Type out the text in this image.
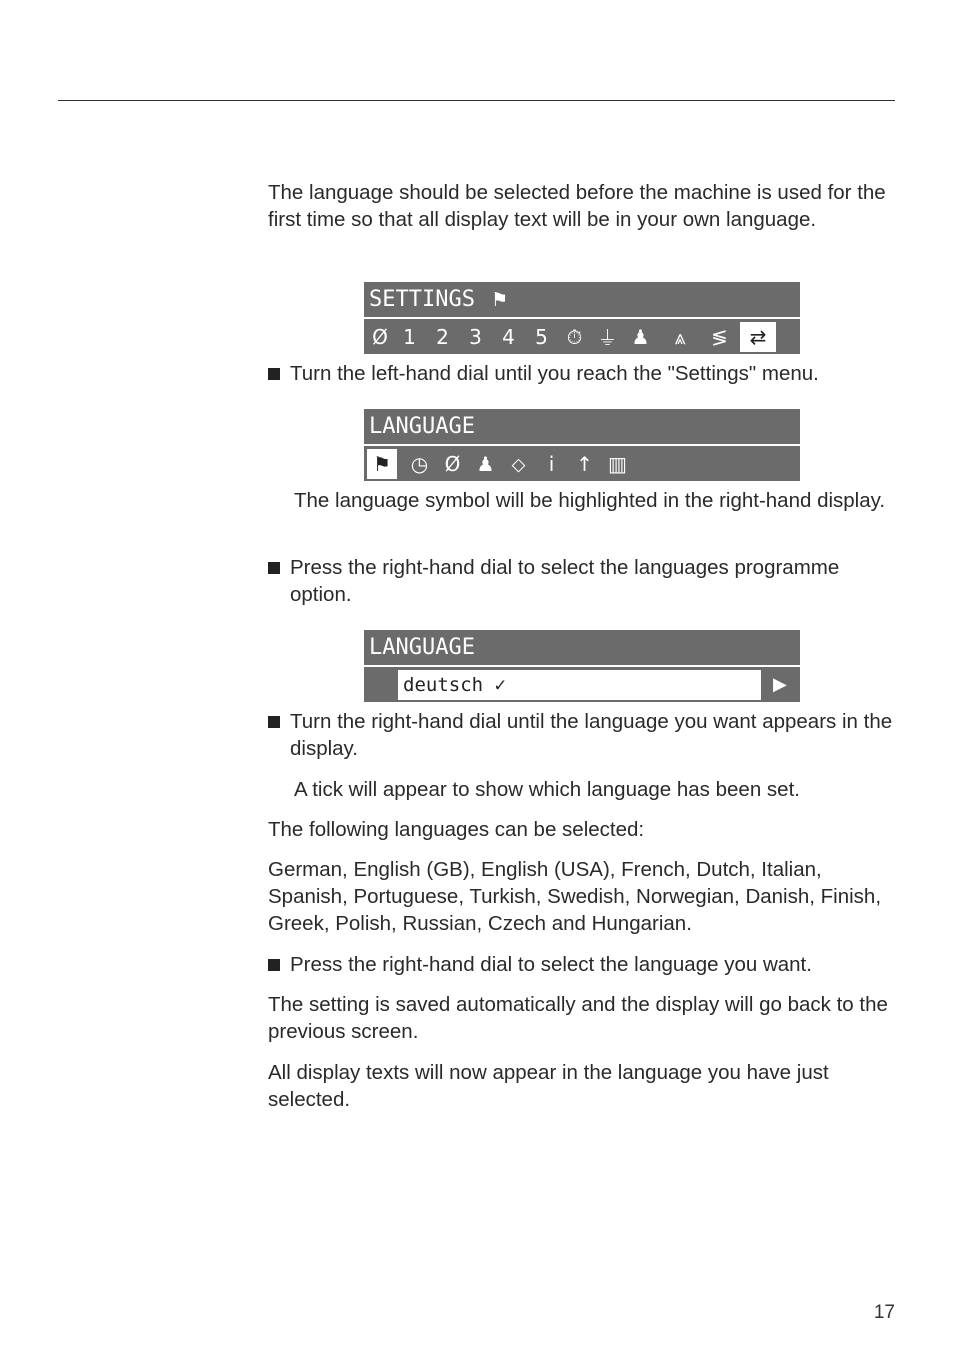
The language should be selected before the machine is used for the first time so that all display text will be in your own language.

SETTINGS ⚑
Ø 1	2	3	4	5 ⏱ ⏚ ♟	⩓	≶	⇄
Turn the left-hand dial until you reach the "Settings" menu.
LANGUAGE
⚑ ◷ Ø ♟ ⬦	i	↑ ▥

The language symbol will be highlighted in the right-hand display.

Press the right-hand dial to select the languages programme option.
LANGUAGE
deutsch ✓	▶
Turn the right-hand dial until the language you want appears in the display.

A tick will appear to show which language has been set.

The following languages can be selected:

German, English (GB), English (USA), French, Dutch, Italian, Spanish, Portuguese, Turkish, Swedish, Norwegian, Danish, Finish, Greek, Polish, Russian, Czech and Hungarian.

Press the right-hand dial to select the language you want.

The setting is saved automatically and the display will go back to the previous screen.

All display texts will now appear in the language you have just selected.

17
